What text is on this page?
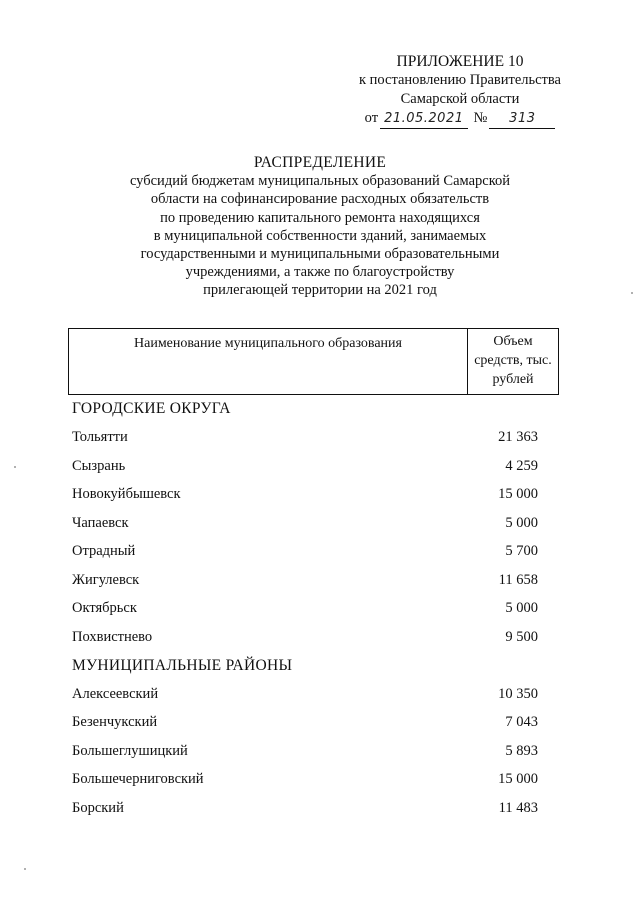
ПРИЛОЖЕНИЕ 10
к постановлению Правительства
Самарской области
от 21.05.2021 №	313
РАСПРЕДЕЛЕНИЕ
субсидий бюджетам муниципальных образований Самарской
области на софинансирование расходных обязательств
по проведению капитального ремонта находящихся
в муниципальной собственности зданий, занимаемых
государственными и муниципальными образовательными
учреждениями, а также по благоустройству
прилегающей территории на 2021 год
Наименование муниципального образования	Объем
средств, тыс.
рублей
ГОРОДСКИЕ ОКРУГА
Тольятти	21 363
Сызрань	4 259
Новокуйбышевск	15 000
Чапаевск	5 000
Отрадный	5 700
Жигулевск	11 658
Октябрьск	5 000
Похвистнево	9 500
МУНИЦИПАЛЬНЫЕ РАЙОНЫ
Алексеевский	10 350
Безенчукский	7 043
Большеглушицкий	5 893
Большечерниговский	15 000
Борский	11 483
